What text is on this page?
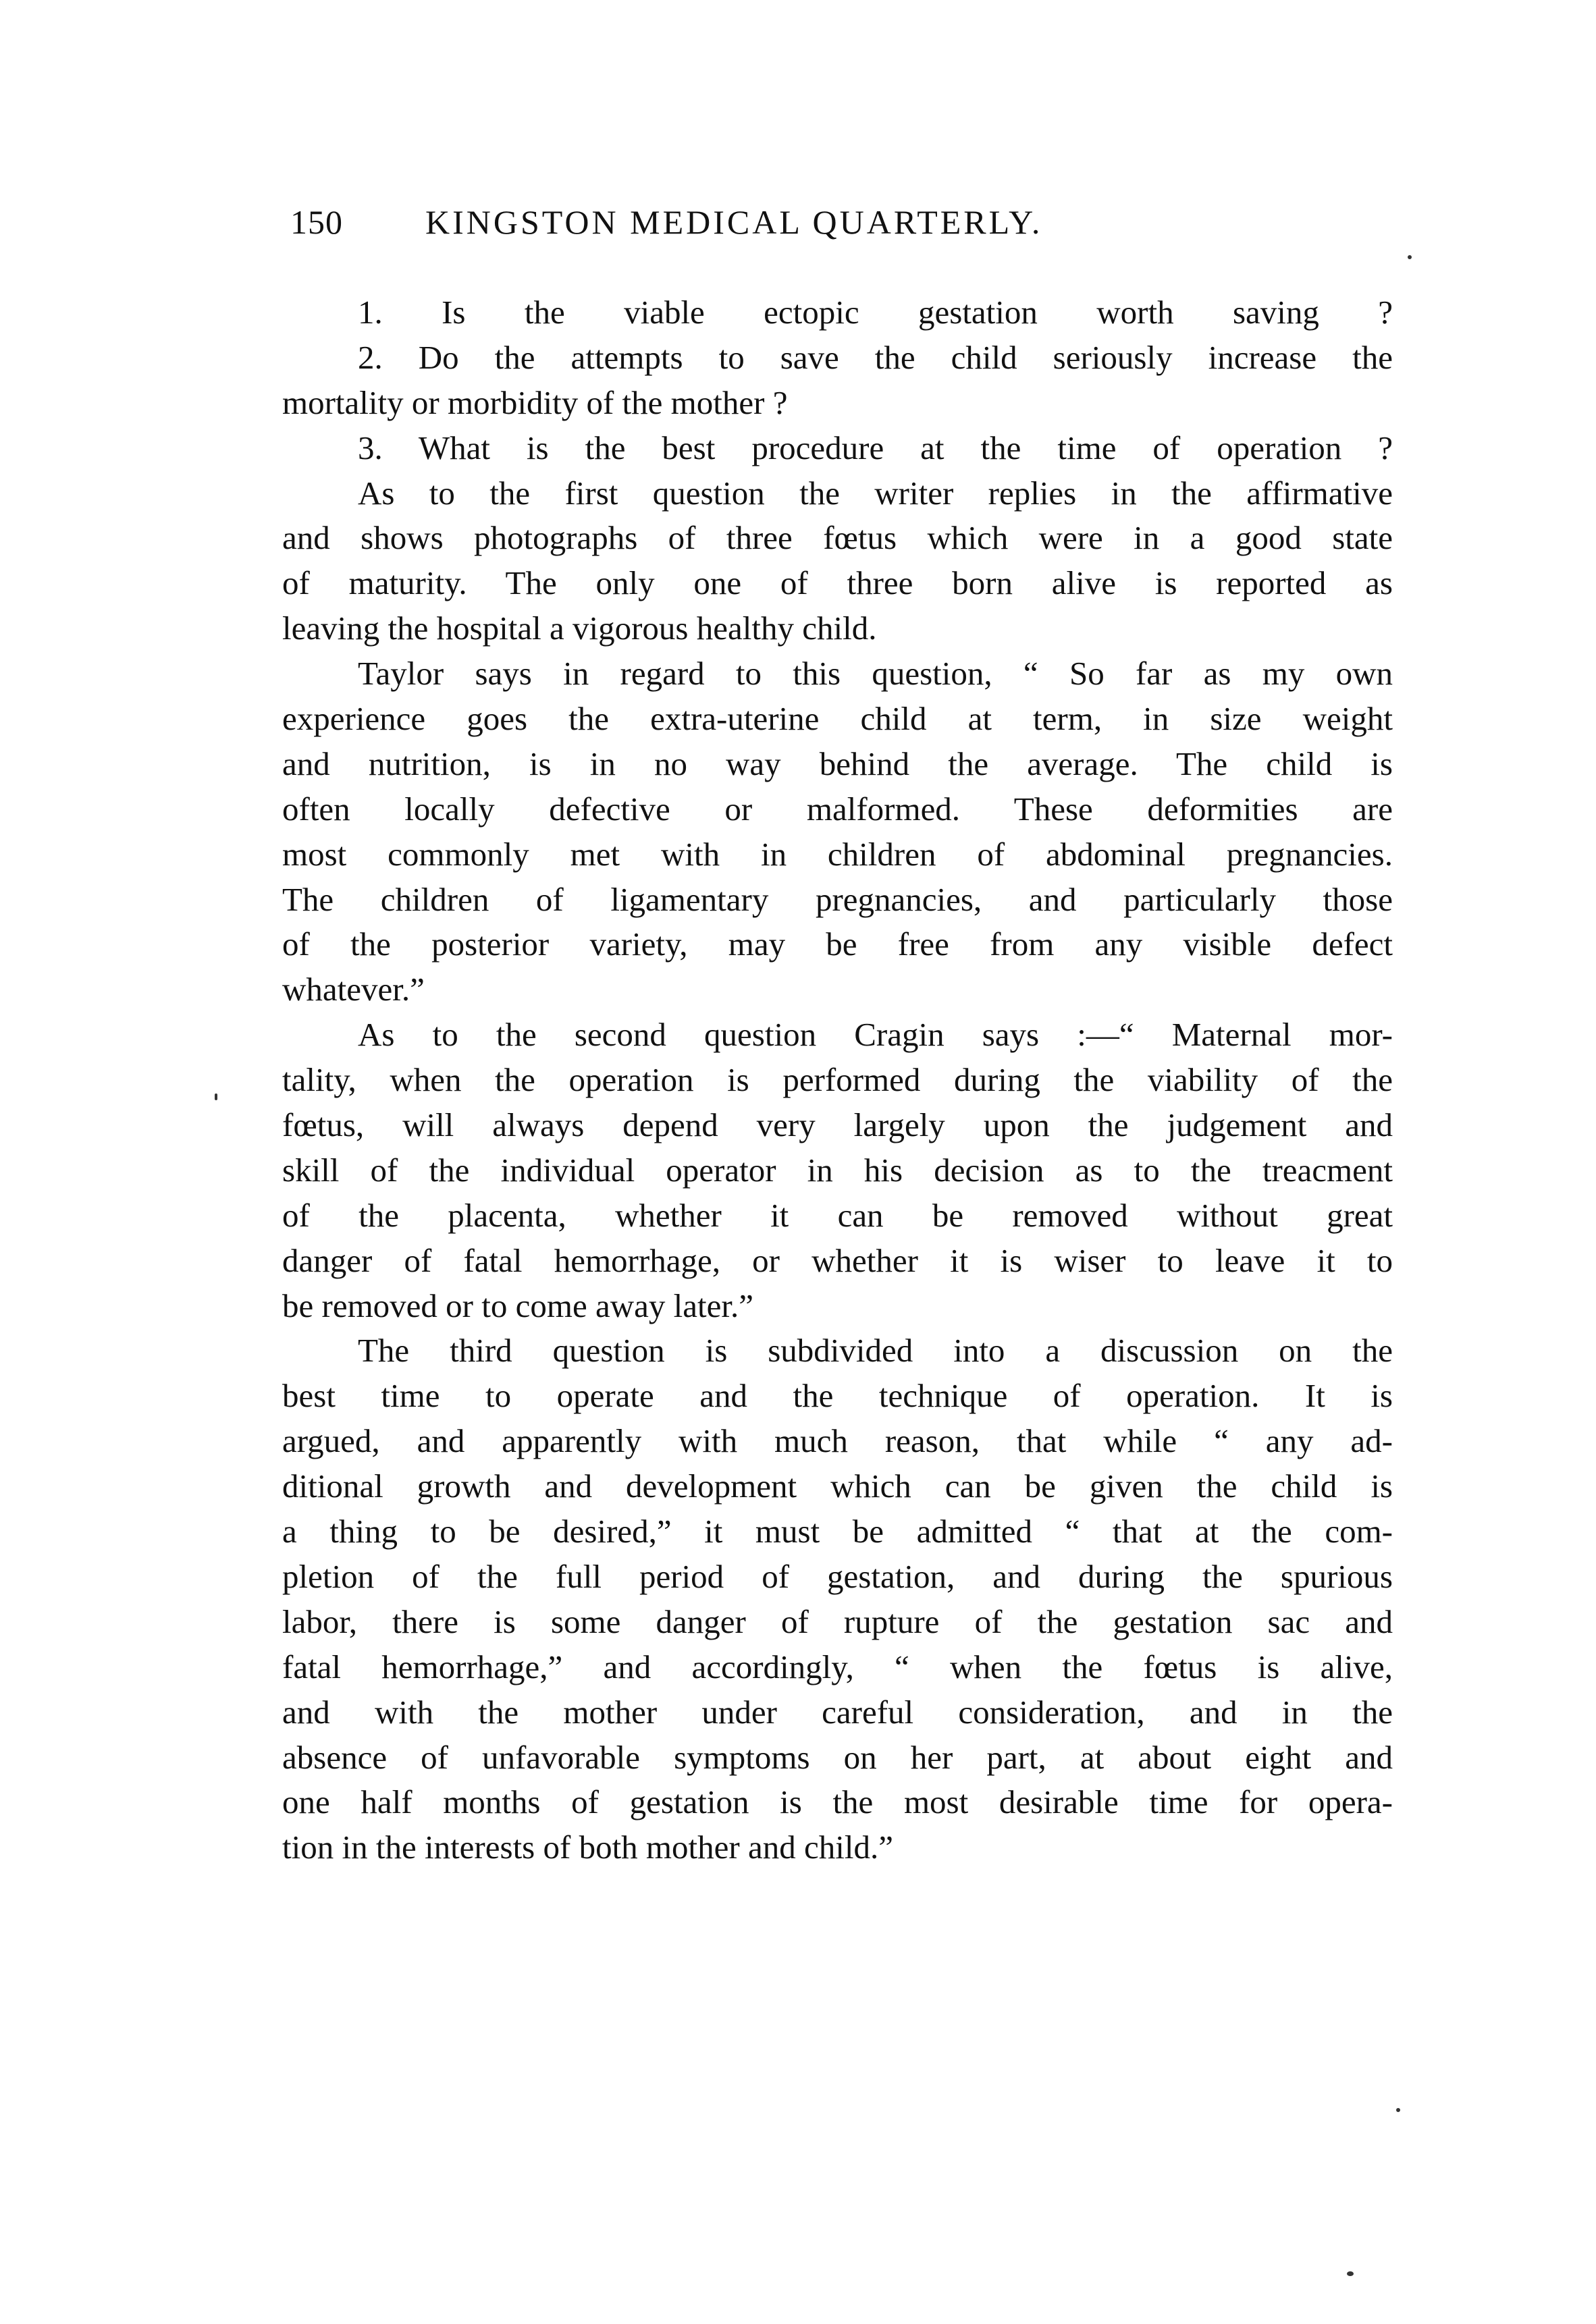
150 KINGSTON MEDICAL QUARTERLY.
1. Is the viable ectopic gestation worth saving ?
2. Do the attempts to save the child seriously increase the
mortality or morbidity of the mother ?
3. What is the best procedure at the time of operation ?
As to the first question the writer replies in the affirmative
and shows photographs of three fœtus which were in a good state
of maturity. The only one of three born alive is reported as
leaving the hospital a vigorous healthy child.
Taylor says in regard to this question, “ So far as my own
experience goes the extra-uterine child at term, in size weight
and nutrition, is in no way behind the average. The child is
often locally defective or malformed. These deformities are
most commonly met with in children of abdominal pregnancies.
The children of ligamentary pregnancies, and particularly those
of the posterior variety, may be free from any visible defect
whatever.”
As to the second question Cragin says :—“ Maternal mor-
tality, when the operation is performed during the viability of the
fœtus, will always depend very largely upon the judgement and
skill of the individual operator in his decision as to the treacment
of the placenta, whether it can be removed without great
danger of fatal hemorrhage, or whether it is wiser to leave it to
be removed or to come away later.”
The third question is subdivided into a discussion on the
best time to operate and the technique of operation. It is
argued, and apparently with much reason, that while “ any ad-
ditional growth and development which can be given the child is
a thing to be desired,” it must be admitted “ that at the com-
pletion of the full period of gestation, and during the spurious
labor, there is some danger of rupture of the gestation sac and
fatal hemorrhage,” and accordingly, “ when the fœtus is alive,
and with the mother under careful consideration, and in the
absence of unfavorable symptoms on her part, at about eight and
one half months of gestation is the most desirable time for opera-
tion in the interests of both mother and child.”
